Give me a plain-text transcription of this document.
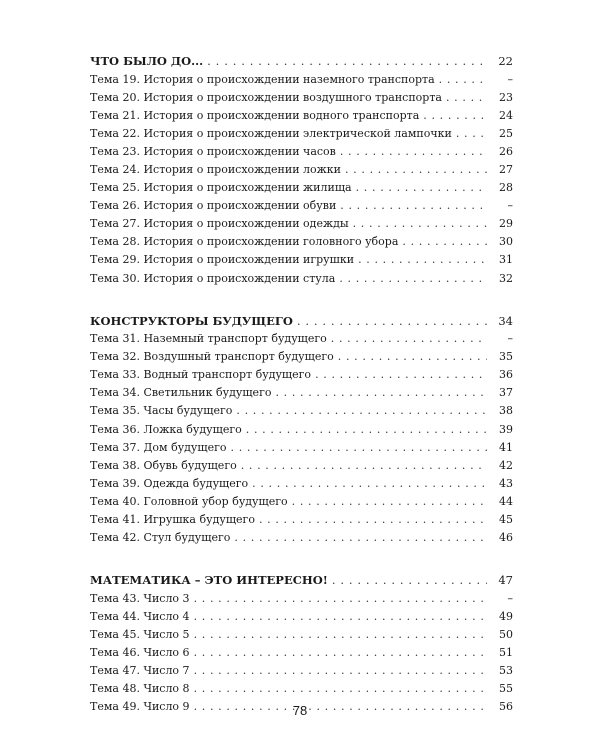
ЧТО БЫЛО ДО... . . .	22
Тема 19. История о происхождении наземного транспорта . . .	–
Тема 20. История о происхождении воздушного транспорта . . .	23
Тема 21. История о происхождении водного транспорта . . .	24
Тема 22. История о происхождении электрической лампочки . . .	25
Тема 23. История о происхождении часов . . .	26
Тема 24. История о происхождении ложки . . .	27
Тема 25. История о происхождении жилища . . .	28
Тема 26. История о происхождении обуви . . .	–
Тема 27. История о происхождении одежды . . .	29
Тема 28. История о происхождении головного убора . . .	30
Тема 29. История о происхождении игрушки . . .	31
Тема 30. История о происхождении стула . . .	32
КОНСТРУКТОРЫ БУДУЩЕГО . . .	34
Тема 31. Наземный транспорт будущего . . .	–
Тема 32. Воздушный транспорт будущего . . .	35
Тема 33. Водный транспорт будущего . . .	36
Тема 34. Светильник будущего . . .	37
Тема 35. Часы будущего . . .	38
Тема 36. Ложка будущего . . .	39
Тема 37. Дом будущего . . .	41
Тема 38. Обувь будущего . . .	42
Тема 39. Одежда будущего . . .	43
Тема 40. Головной убор будущего . . .	44
Тема 41. Игрушка будущего . . .	45
Тема 42. Стул будущего . . .	46
МАТЕМАТИКА – ЭТО ИНТЕРЕСНО! . . .	47
Тема 43. Число 3 . . .	–
Тема 44. Число 4 . . .	49
Тема 45. Число 5 . . .	50
Тема 46. Число 6 . . .	51
Тема 47. Число 7 . . .	53
Тема 48. Число 8 . . .	55
Тема 49. Число 9 . . .	56
78
